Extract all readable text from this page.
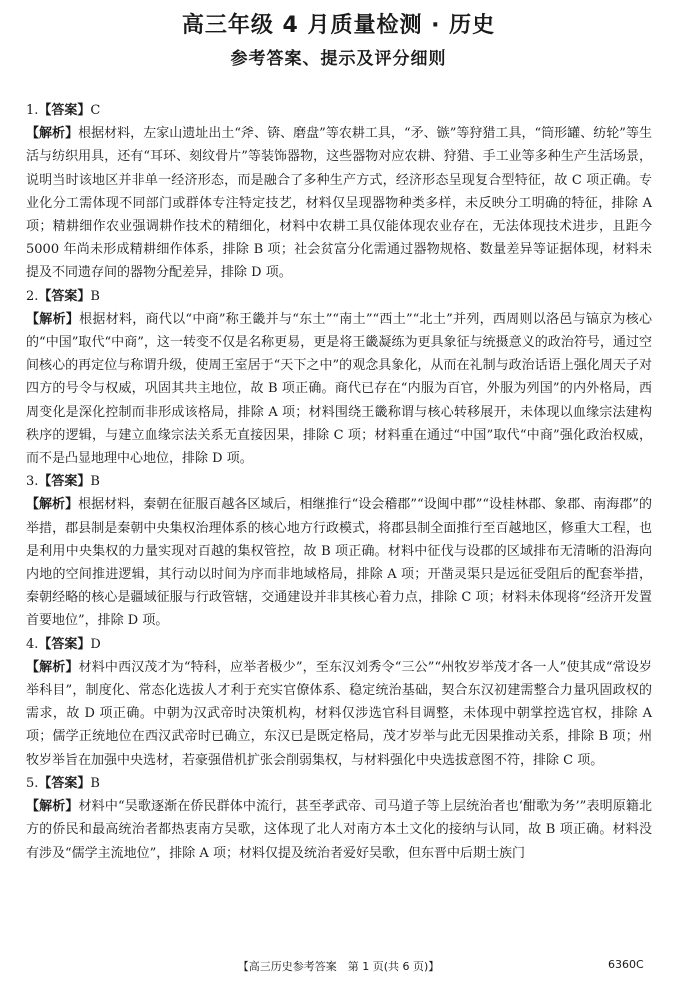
高三年级 4 月质量检测 · 历史
参考答案、提示及评分细则
1.【答案】C
【解析】根据材料，左家山遗址出土“斧、锛、磨盘”等农耕工具，“矛、镞”等狩猎工具，“筒形罐、纺轮”等生活与纺织用具，还有“耳环、刻纹骨片”等装饰器物，这些器物对应农耕、狩猎、手工业等多种生产生活场景，说明当时该地区并非单一经济形态，而是融合了多种生产方式，经济形态呈现复合型特征，故 C 项正确。专业化分工需体现不同部门或群体专注特定技艺，材料仅呈现器物种类多样，未反映分工明确的特征，排除 A 项；精耕细作农业强调耕作技术的精细化，材料中农耕工具仅能体现农业存在，无法体现技术进步，且距今 5000 年尚未形成精耕细作体系，排除 B 项；社会贫富分化需通过器物规格、数量差异等证据体现，材料未提及不同遗存间的器物分配差异，排除 D 项。
2.【答案】B
【解析】根据材料，商代以“中商”称王畿并与“东土”“南土”“西土”“北土”并列，西周则以洛邑与镐京为核心的“中国”取代“中商”，这一转变不仅是名称更易，更是将王畿凝练为更具象征与统摄意义的政治符号，通过空间核心的再定位与称谓升级，使周王室居于“天下之中”的观念具象化，从而在礼制与政治话语上强化周天子对四方的号令与权威，巩固其共主地位，故 B 项正确。商代已存在“内服为百官，外服为列国”的内外格局，西周变化是深化控制而非形成该格局，排除 A 项；材料围绕王畿称谓与核心转移展开，未体现以血缘宗法建构秩序的逻辑，与建立血缘宗法关系无直接因果，排除 C 项；材料重在通过“中国”取代“中商”强化政治权威，而不是凸显地理中心地位，排除 D 项。
3.【答案】B
【解析】根据材料，秦朝在征服百越各区域后，相继推行“设会稽郡”“设闽中郡”“设桂林郡、象郡、南海郡”的举措，郡县制是秦朝中央集权治理体系的核心地方行政模式，将郡县制全面推行至百越地区，修重大工程，也是利用中央集权的力量实现对百越的集权管控，故 B 项正确。材料中征伐与设郡的区域排布无清晰的沿海向内地的空间推进逻辑，其行动以时间为序而非地域格局，排除 A 项；开凿灵渠只是远征受阻后的配套举措，秦朝经略的核心是疆域征服与行政管辖，交通建设并非其核心着力点，排除 C 项；材料未体现将“经济开发置首要地位”，排除 D 项。
4.【答案】D
【解析】材料中西汉茂才为“特科，应举者极少”，至东汉刘秀令“三公”“州牧岁举茂才各一人”使其成“常设岁举科目”，制度化、常态化选拔人才利于充实官僚体系、稳定统治基础，契合东汉初建需整合力量巩固政权的需求，故 D 项正确。中朝为汉武帝时决策机构，材料仅涉选官科目调整，未体现中朝掌控选官权，排除 A 项；儒学正统地位在西汉武帝时已确立，东汉已是既定格局，茂才岁举与此无因果推动关系，排除 B 项；州牧岁举旨在加强中央选材，若豪强借机扩张会削弱集权，与材料强化中央选拔意图不符，排除 C 项。
5.【答案】B
【解析】材料中“吴歌逐渐在侨民群体中流行，甚至孝武帝、司马道子等上层统治者也‘酣歌为务’”表明原籍北方的侨民和最高统治者都热衷南方吴歌，这体现了北人对南方本土文化的接纳与认同，故 B 项正确。材料没有涉及“儒学主流地位”，排除 A 项；材料仅提及统治者爱好吴歌，但东晋中后期士族门
【高三历史参考答案　第 1 页(共 6 页)】	6360C
